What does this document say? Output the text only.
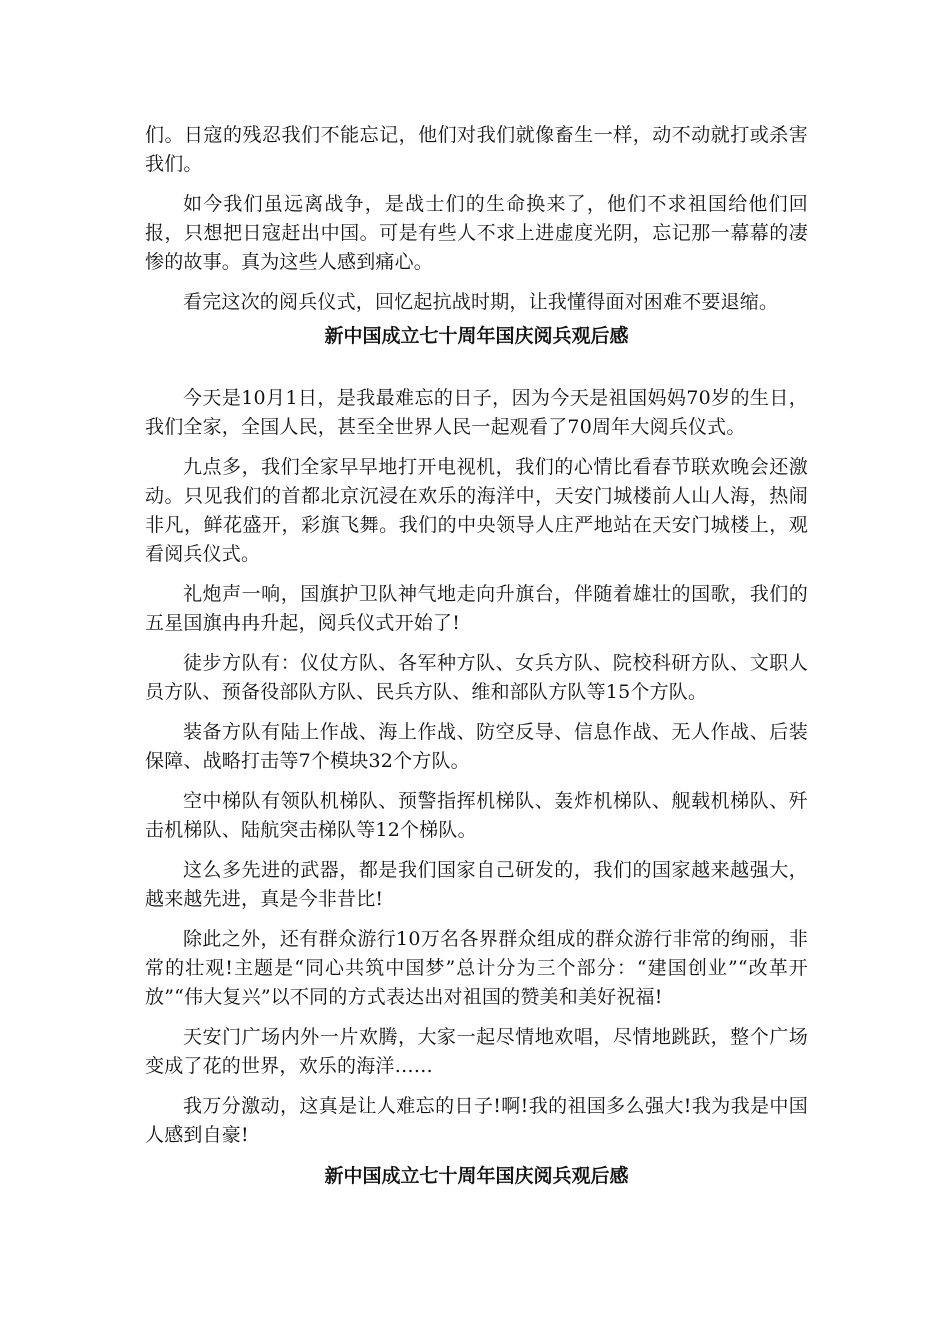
们。日寇的残忍我们不能忘记，他们对我们就像畜生一样，动不动就打或杀害我们。

如今我们虽远离战争，是战士们的生命换来了，他们不求祖国给他们回报，只想把日寇赶出中国。可是有些人不求上进虚度光阴，忘记那一幕幕的凄惨的故事。真为这些人感到痛心。

看完这次的阅兵仪式，回忆起抗战时期，让我懂得面对困难不要退缩。

新中国成立七十周年国庆阅兵观后感

今天是10月1日，是我最难忘的日子，因为今天是祖国妈妈70岁的生日，我们全家，全国人民，甚至全世界人民一起观看了70周年大阅兵仪式。

九点多，我们全家早早地打开电视机，我们的心情比看春节联欢晚会还激动。只见我们的首都北京沉浸在欢乐的海洋中，天安门城楼前人山人海，热闹非凡，鲜花盛开，彩旗飞舞。我们的中央领导人庄严地站在天安门城楼上，观看阅兵仪式。

礼炮声一响，国旗护卫队神气地走向升旗台，伴随着雄壮的国歌，我们的五星国旗冉冉升起，阅兵仪式开始了!

徒步方队有：仪仗方队、各军种方队、女兵方队、院校科研方队、文职人员方队、预备役部队方队、民兵方队、维和部队方队等15个方队。

装备方队有陆上作战、海上作战、防空反导、信息作战、无人作战、后装保障、战略打击等7个模块32个方队。

空中梯队有领队机梯队、预警指挥机梯队、轰炸机梯队、舰载机梯队、歼击机梯队、陆航突击梯队等12个梯队。

这么多先进的武器，都是我们国家自己研发的，我们的国家越来越强大，越来越先进，真是今非昔比!

除此之外，还有群众游行10万名各界群众组成的群众游行非常的绚丽，非常的壮观!主题是“同心共筑中国梦”总计分为三个部分：“建国创业”“改革开放”“伟大复兴”以不同的方式表达出对祖国的赞美和美好祝福!

天安门广场内外一片欢腾，大家一起尽情地欢唱，尽情地跳跃，整个广场变成了花的世界，欢乐的海洋……

我万分激动，这真是让人难忘的日子!啊!我的祖国多么强大!我为我是中国人感到自豪!

新中国成立七十周年国庆阅兵观后感
